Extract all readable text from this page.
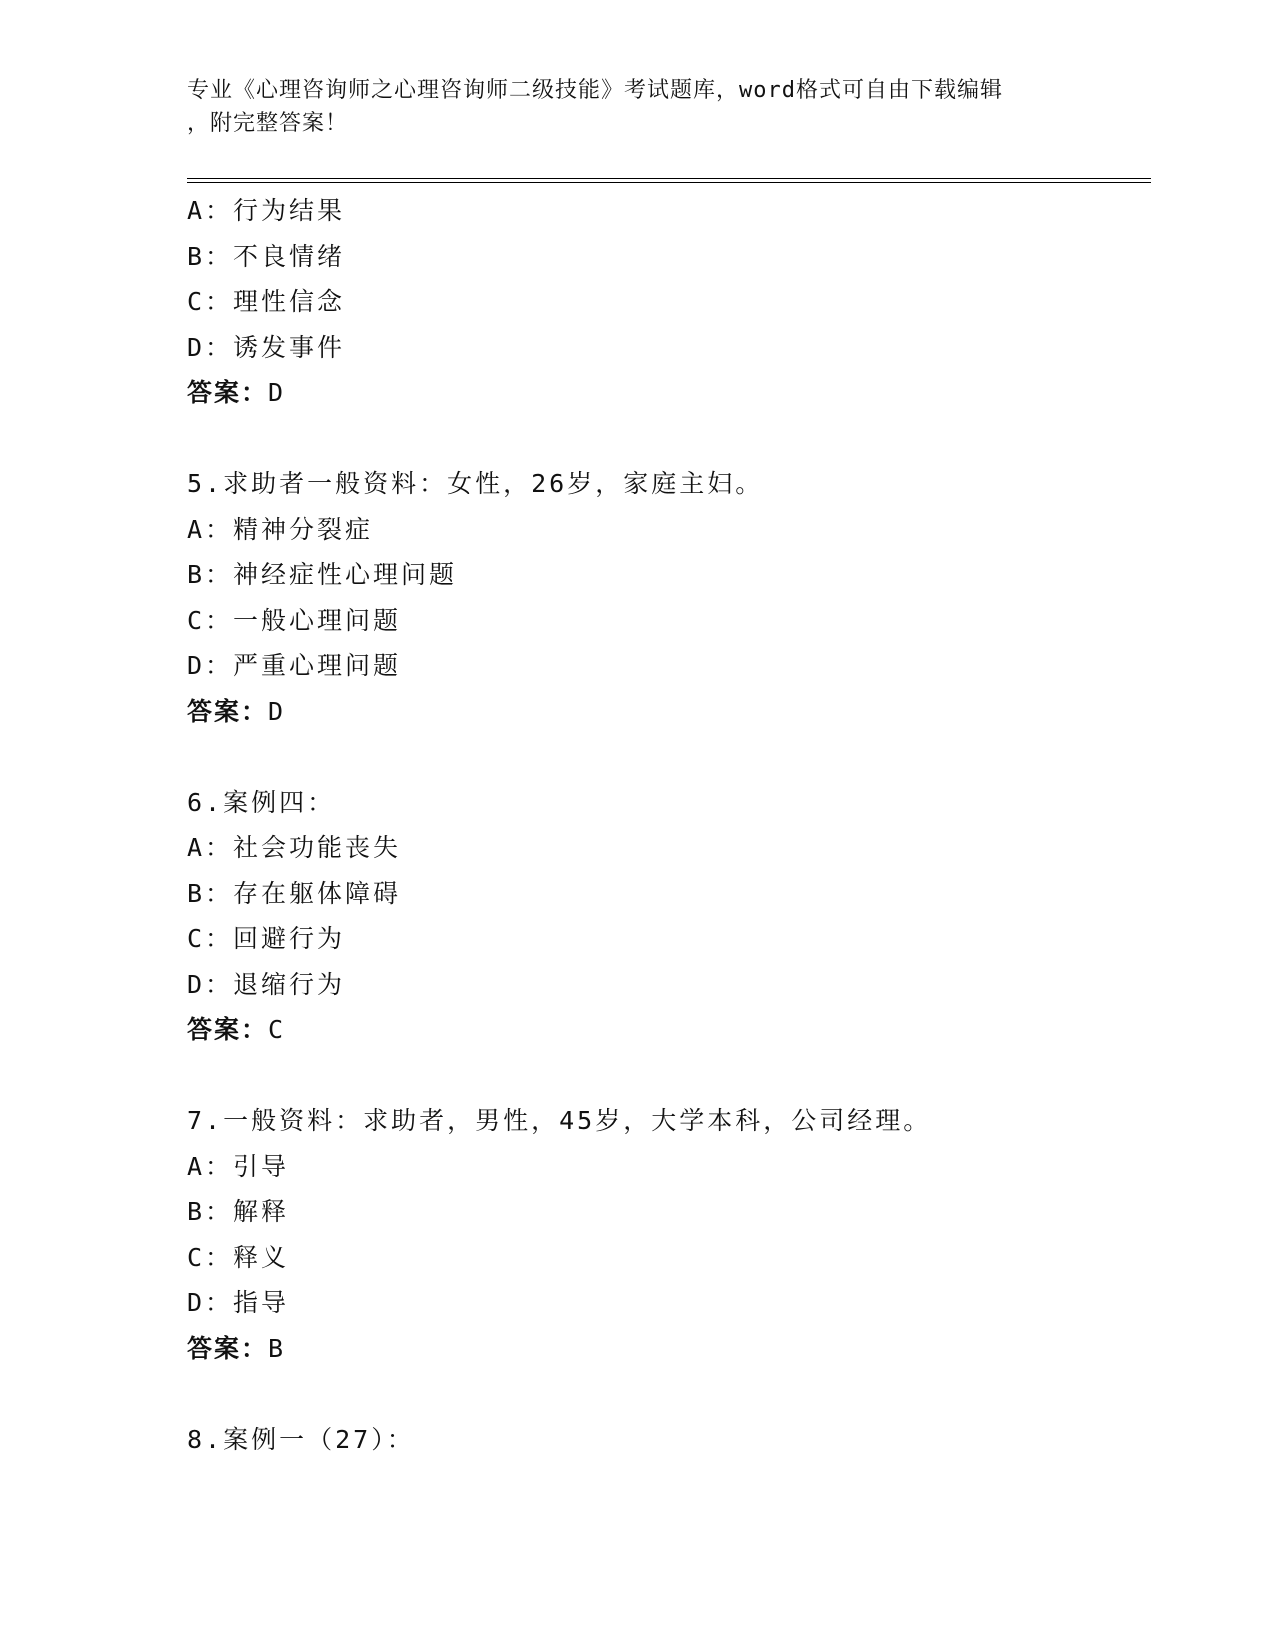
专业《心理咨询师之心理咨询师二级技能》考试题库，word格式可自由下载编辑
，附完整答案！
A：行为结果
B：不良情绪
C：理性信念
D：诱发事件
答案：D
5.求助者一般资料：女性，26岁，家庭主妇。
A：精神分裂症
B：神经症性心理问题
C：一般心理问题
D：严重心理问题
答案：D
6.案例四：
A：社会功能丧失
B：存在躯体障碍
C：回避行为
D：退缩行为
答案：C
7.一般资料：求助者，男性，45岁，大学本科，公司经理。
A：引导
B：解释
C：释义
D：指导
答案：B
8.案例一（27）：
